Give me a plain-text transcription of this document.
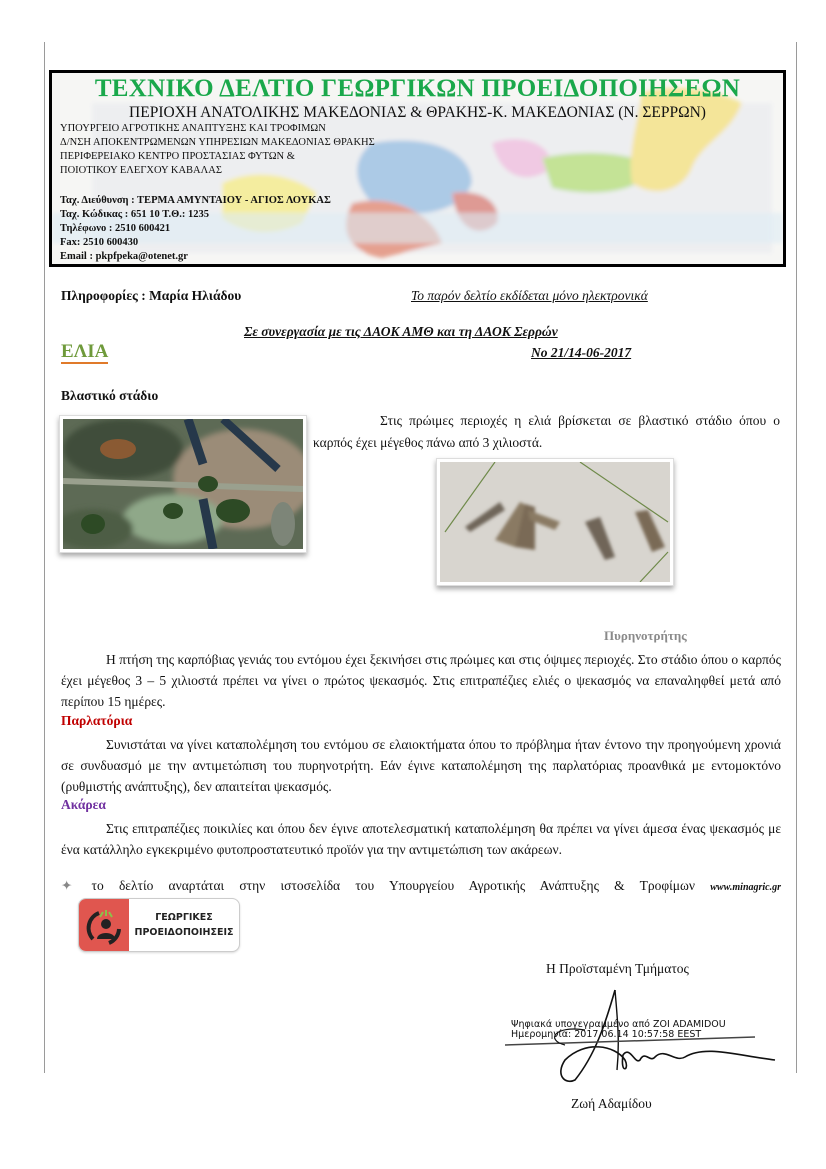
ΤΕΧΝΙΚΟ ΔΕΛΤΙΟ ΓΕΩΡΓΙΚΩΝ ΠΡΟΕΙΔΟΠΟΙΗΣΕΩΝ
ΠΕΡΙΟΧΗ ΑΝΑΤΟΛΙΚΗΣ ΜΑΚΕΔΟΝΙΑΣ & ΘΡΑΚΗΣ-Κ. ΜΑΚΕΔΟΝΙΑΣ (Ν. ΣΕΡΡΩΝ)
ΥΠΟΥΡΓΕΙΟ ΑΓΡΟΤΙΚΗΣ ΑΝΑΠΤΥΞΗΣ ΚΑΙ ΤΡΟΦΙΜΩΝ
Δ/ΝΣΗ ΑΠΟΚΕΝΤΡΩΜΕΝΩΝ ΥΠΗΡΕΣΙΩΝ ΜΑΚΕΔΟΝΙΑΣ ΘΡΑΚΗΣ
ΠΕΡΙΦΕΡΕΙΑΚΟ ΚΕΝΤΡΟ ΠΡΟΣΤΑΣΙΑΣ ΦΥΤΩΝ &
ΠΟΙΟΤΙΚΟΥ ΕΛΕΓΧΟΥ ΚΑΒΑΛΑΣ
Ταχ. Διεύθυνση : ΤΕΡΜΑ ΑΜΥΝΤΑΙΟΥ - ΑΓΙΟΣ ΛΟΥΚΑΣ
Ταχ. Κώδικας : 651 10 Τ.Θ.: 1235
Τηλέφωνο : 2510 600421
Fax: 2510 600430
Email : pkpfpeka@otenet.gr
Πληροφορίες : Μαρία Ηλιάδου	Το παρόν δελτίο εκδίδεται μόνο ηλεκτρονικά
Σε συνεργασία με τις ΔΑΟΚ ΑΜΘ και τη ΔΑΟΚ Σερρών
ΕΛΙΑ	Νο 21/14-06-2017
Βλαστικό στάδιο
Στις πρώιμες περιοχές η ελιά βρίσκεται σε βλαστικό στάδιο όπου ο καρπός έχει μέγεθος πάνω από 3 χιλιοστά.
Πυρηνοτρήτης
Η πτήση της καρπόβιας γενιάς του εντόμου έχει ξεκινήσει στις πρώιμες και στις όψιμες περιοχές. Στο στάδιο όπου ο καρπός έχει μέγεθος 3 – 5 χιλιοστά πρέπει να γίνει ο πρώτος ψεκασμός. Στις επιτραπέζιες ελιές ο ψεκασμός να επαναληφθεί μετά από περίπου 15 ημέρες.
Παρλατόρια
Συνιστάται να γίνει καταπολέμηση του εντόμου σε ελαιοκτήματα όπου το πρόβλημα ήταν έντονο την προηγούμενη χρονιά σε συνδυασμό με την αντιμετώπιση του πυρηνοτρήτη. Εάν έγινε καταπολέμηση της παρλατόριας προανθικά με εντομοκτόνο (ρυθμιστής ανάπτυξης), δεν απαιτείται ψεκασμός.
Ακάρεα
Στις επιτραπέζιες ποικιλίες και όπου δεν έγινε αποτελεσματική καταπολέμηση θα πρέπει να γίνει άμεσα ένας ψεκασμός με ένα κατάλληλο εγκεκριμένο φυτοπροστατευτικό προϊόν για την αντιμετώπιση των ακάρεων.
✦ το δελτίο αναρτάται στην ιστοσελίδα του Υπουργείου Αγροτικής Ανάπτυξης & Τροφίμων www.minagric.gr
ΓΕΩΡΓΙΚΕΣ
ΠΡΟΕΙΔΟΠΟΙΗΣΕΙΣ
Η Προϊσταμένη Τμήματος
Ψηφιακά υπογεγραμμένο από ZOI ADAMIDOU
Ημερομηνία: 2017.06.14 10:57:58 EEST
Ζωή Αδαμίδου
